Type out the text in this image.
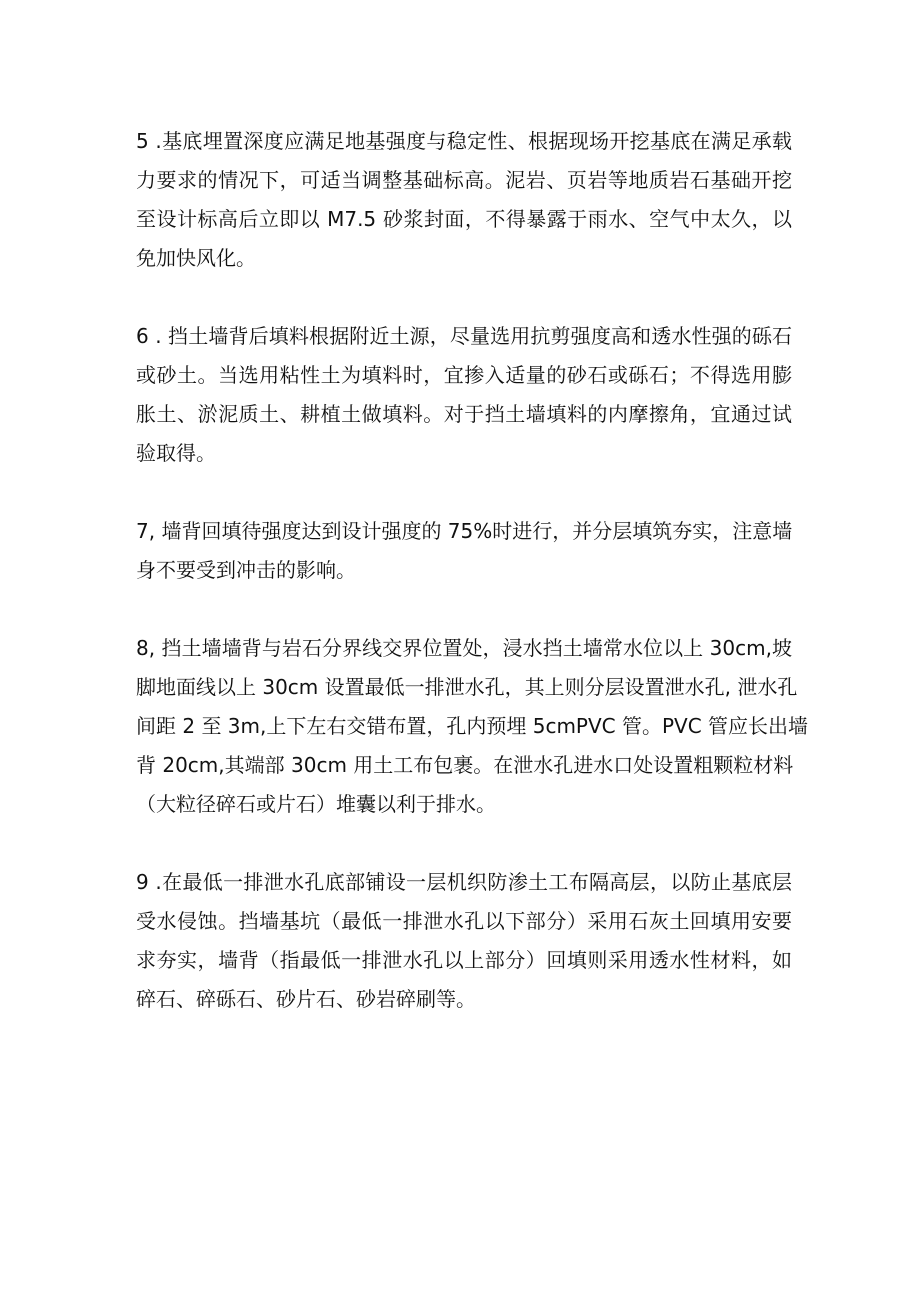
5 .基底埋置深度应满足地基强度与稳定性、根据现场开挖基底在满足承载
力要求的情况下，可适当调整基础标高。泥岩、页岩等地质岩石基础开挖
至设计标高后立即以 M7.5 砂浆封面，不得暴露于雨水、空气中太久，以
免加快风化。
6 . 挡土墙背后填料根据附近土源，尽量选用抗剪强度高和透水性强的砾石
或砂土。当选用粘性土为填料时，宜掺入适量的砂石或砾石；不得选用膨
胀土、淤泥质土、耕植土做填料。对于挡土墙填料的内摩擦角，宜通过试
验取得。
7, 墙背回填待强度达到设计强度的 75%时进行，并分层填筑夯实，注意墙
身不要受到冲击的影响。
8, 挡土墙墙背与岩石分界线交界位置处，浸水挡土墙常水位以上 30cm,坡
脚地面线以上 30cm 设置最低一排泄水孔，其上则分层设置泄水孔, 泄水孔
间距 2 至 3m,上下左右交错布置，孔内预埋 5cmPVC 管。PVC 管应长出墙
背 20cm,其端部 30cm 用土工布包裹。在泄水孔进水口处设置粗颗粒材料
（大粒径碎石或片石）堆囊以利于排水。
9 .在最低一排泄水孔底部铺设一层机织防渗土工布隔高层，以防止基底层
受水侵蚀。挡墙基坑（最低一排泄水孔以下部分）采用石灰土回填用安要
求夯实，墙背（指最低一排泄水孔以上部分）回填则采用透水性材料，如
碎石、碎砾石、砂片石、砂岩碎刷等。
